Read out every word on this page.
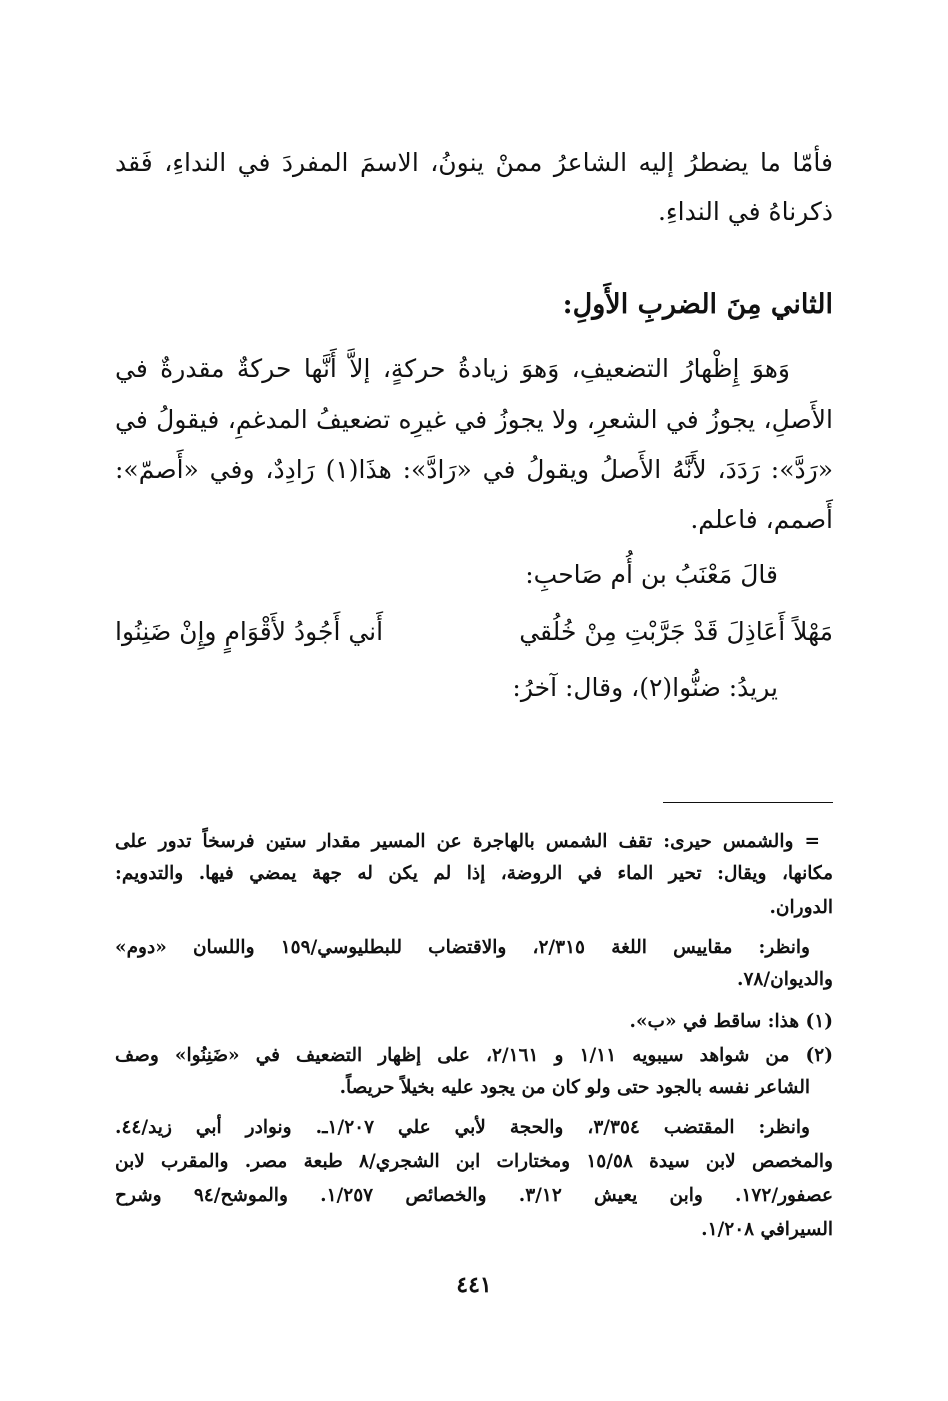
فأمّا ما يضطرُ إليه الشاعرُ ممنْ ينونُ، الاسمَ المفردَ في النداءِ، فَقد
ذكرناهُ في النداءِ.
الثاني مِنَ الضربِ الأَولِ:
وَهوَ إِظْهارُ التضعيفِ، وَهوَ زيادةُ حركةٍ، إلاَّ أَنَّها حركةٌ مقدرةٌ في
الأَصلِ، يجوزُ في الشعرِ، ولا يجوزُ في غيرِه تضعيفُ المدغمِ، فيقولُ في
«رَدَّ»: رَدَدَ، لأَنَّهُ الأَصلُ ويقولُ في «رَادَّ»: هذَا(١) رَادِدٌ، وفي «أَصمّ»:
أَصمم، فاعلم.
قالَ مَعْنَبُ بن أُم صَاحبِ:
مَهْلاً أَعَاذِلَ قَدْ جَرَّبْتِ مِنْ خُلُقي
أَني أَجُودُ لأَقْوَامٍ وإِنْ ضَنِنُوا
يريدُ: ضنُّوا(٢)، وقال: آخرُ:
= والشمس حيرى: تقف الشمس بالهاجرة عن المسير مقدار ستين فرسخاً تدور على
مكانها، ويقال: تحير الماء في الروضة، إذا لم يكن له جهة يمضي فيها. والتدويم:
الدوران.
وانظر: مقاييس اللغة ٢/٣١٥، والاقتضاب للبطليوسي/١٥٩ واللسان «دوم»
والديوان/٧٨.
(١) هذا: ساقط في «ب».
(٢) من شواهد سيبويه ١/١١ و ٢/١٦١، على إظهار التضعيف في «ضَنِنُوا» وصف
الشاعر نفسه بالجود حتى ولو كان من يجود عليه بخيلاً حريصاً.
وانظر: المقتضب ٣/٣٥٤، والحجة لأبي علي ١/٢٠٧ـ. ونوادر أبي زيد/٤٤.
والمخصص لابن سيدة ١٥/٥٨ ومختارات ابن الشجري/٨ طبعة مصر. والمقرب لابن
عصفور/١٧٢. وابن يعيش ٣/١٢. والخصائص ١/٢٥٧. والموشح/٩٤ وشرح
السيرافي ١/٢٠٨.
٤٤١
